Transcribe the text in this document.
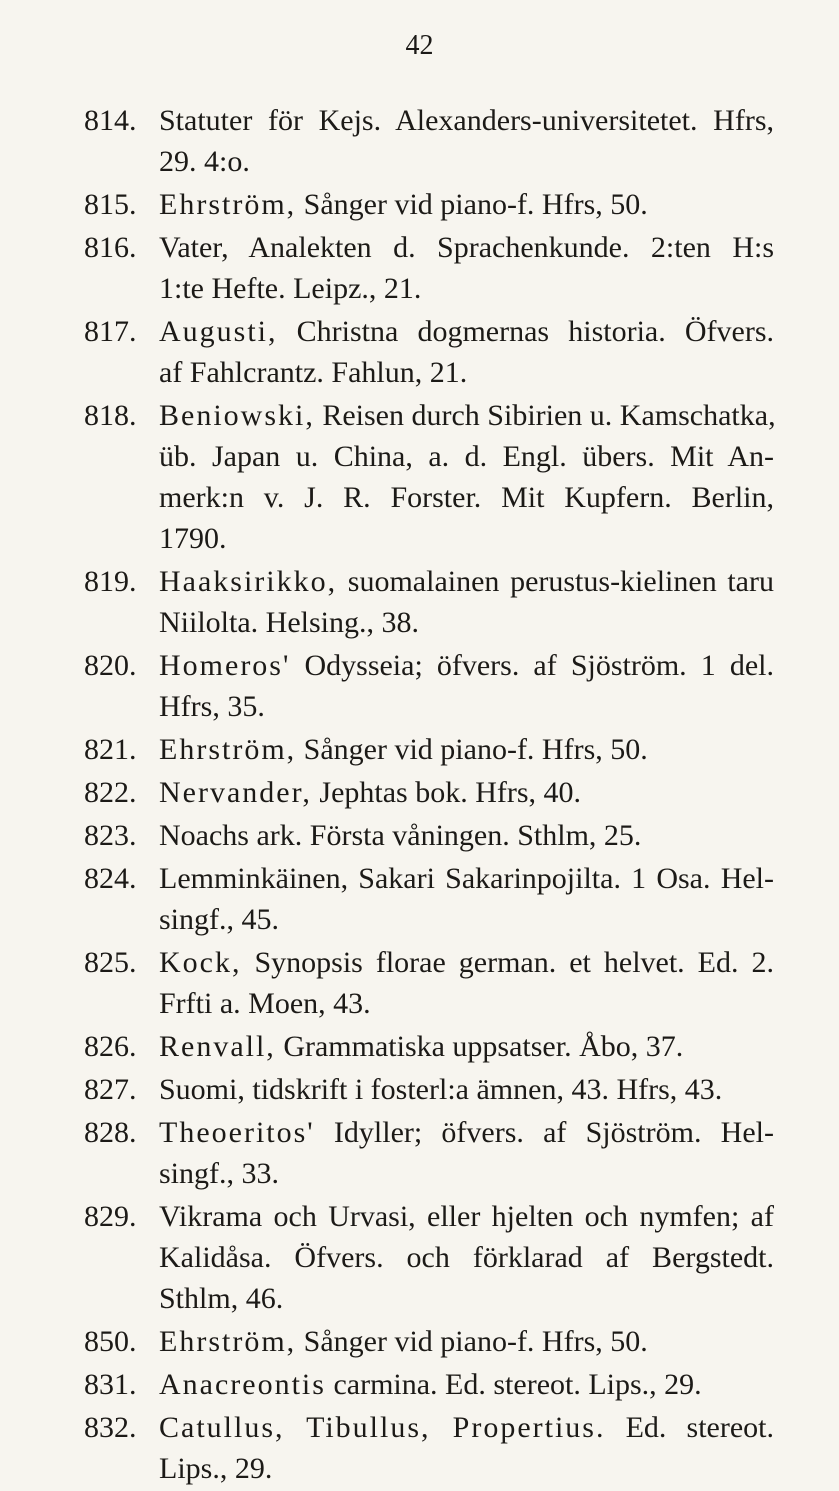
42
814. Statuter för Kejs. Alexanders-universitetet. Hfrs,
29. 4:o.
815. Ehrström, Sånger vid piano-f. Hfrs, 50.
816. Vater, Analekten d. Sprachenkunde. 2:ten H:s
1:te Hefte. Leipz., 21.
817. Augusti, Christna dogmernas historia. Öfvers.
af Fahlcrantz. Fahlun, 21.
818. Beniowski, Reisen durch Sibirien u. Kamschatka,
üb. Japan u. China, a. d. Engl. übers. Mit An-
merk:n v. J. R. Forster. Mit Kupfern. Berlin,
1790.
819. Haaksirikko, suomalainen perustus-kielinen taru
Niilolta. Helsing., 38.
820. Homeros' Odysseia; öfvers. af Sjöström. 1 del.
Hfrs, 35.
821. Ehrström, Sånger vid piano-f. Hfrs, 50.
822. Nervander, Jephtas bok. Hfrs, 40.
823. Noachs ark. Första våningen. Sthlm, 25.
824. Lemminkäinen, Sakari Sakarinpojilta. 1 Osa. Hel-
singf., 45.
825. Kock, Synopsis florae german. et helvet. Ed. 2.
Frfti a. Moen, 43.
826. Renvall, Grammatiska uppsatser. Åbo, 37.
827. Suomi, tidskrift i fosterl:a ämnen, 43. Hfrs, 43.
828. Theoeritos' Idyller; öfvers. af Sjöström. Hel-
singf., 33.
829. Vikrama och Urvasi, eller hjelten och nymfen; af
Kalidåsa. Öfvers. och förklarad af Bergstedt.
Sthlm, 46.
850. Ehrström, Sånger vid piano-f. Hfrs, 50.
831. Anacreontis carmina. Ed. stereot. Lips., 29.
832. Catullus, Tibullus, Propertius. Ed. stereot.
Lips., 29.
